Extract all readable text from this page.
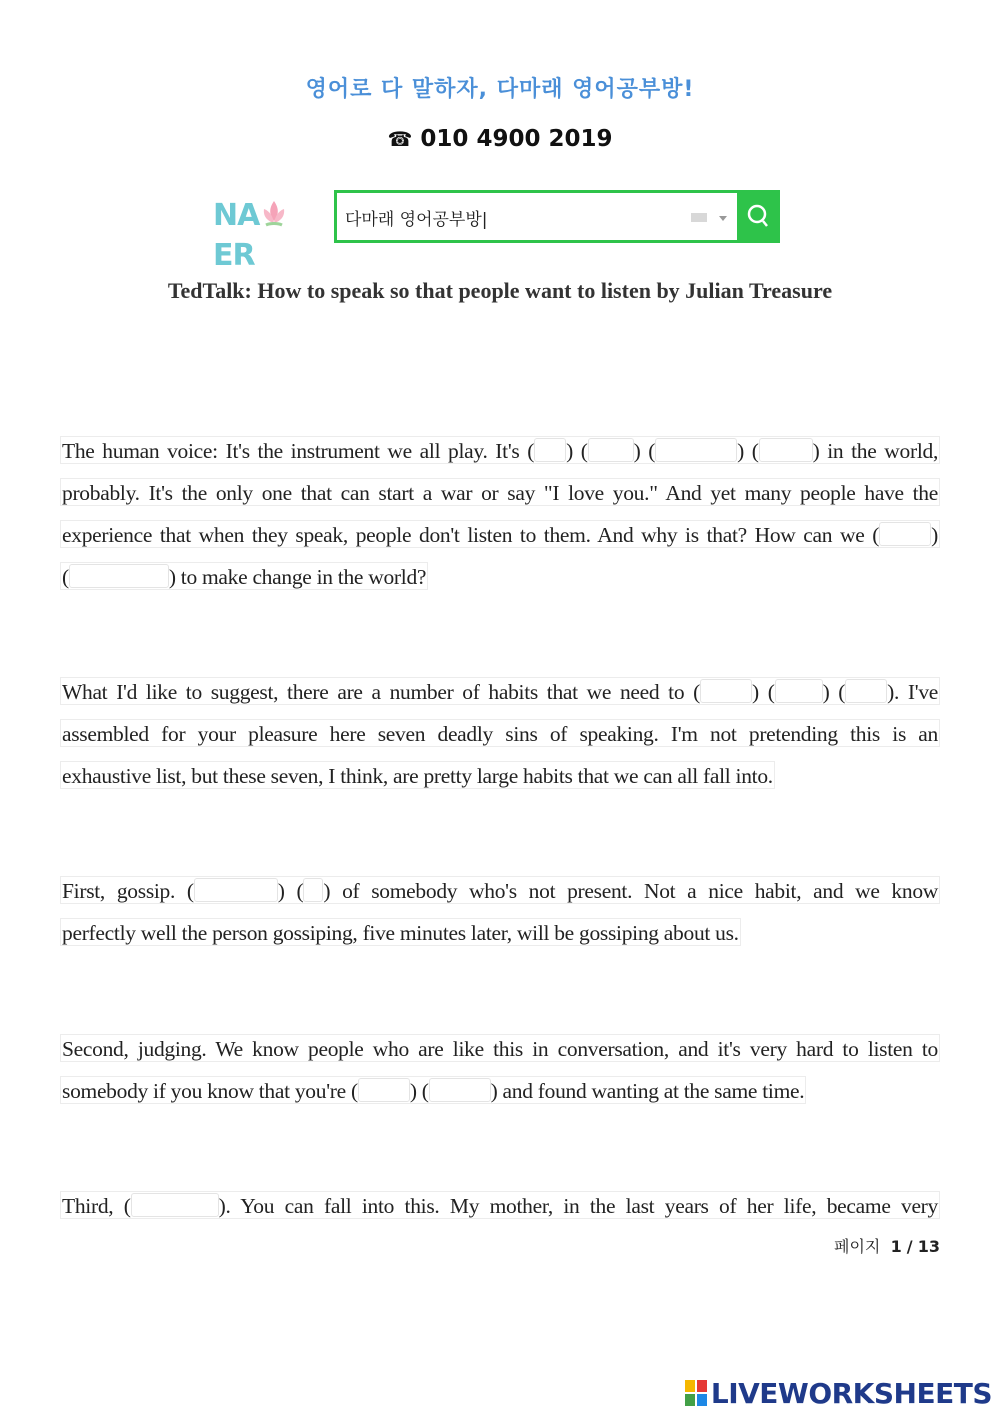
영어로 다 말하자, 다마래 영어공부방!
☎ 010 4900 2019
NAER
다마래 영어공부방|
TedTalk: How to speak so that people want to listen by Julian Treasure
The human voice: It's the instrument we all play. It's ( ) ( ) (	) (	) in the world,
probably. It's the only one that can start a war or say "I love you." And yet many people have the
experience that when they speak, people don't listen to them. And why is that? How can we ( )
(	) to make change in the world?
What I'd like to suggest, there are a number of habits that we need to ( ) ( ) ( ). I've
assembled for your pleasure here seven deadly sins of speaking. I'm not pretending this is an
exhaustive list, but these seven, I think, are pretty large habits that we can all fall into.
First, gossip. (	) ( ) of somebody who's not present. Not a nice habit, and we know
perfectly well the person gossiping, five minutes later, will be gossiping about us.
Second, judging. We know people who are like this in conversation, and it's very hard to listen to
somebody if you know that you're ( ) (	) and found wanting at the same time.
Third, (	). You can fall into this. My mother, in the last years of her life, became very
페이지 1 / 13
LIVEWORKSHEETS
